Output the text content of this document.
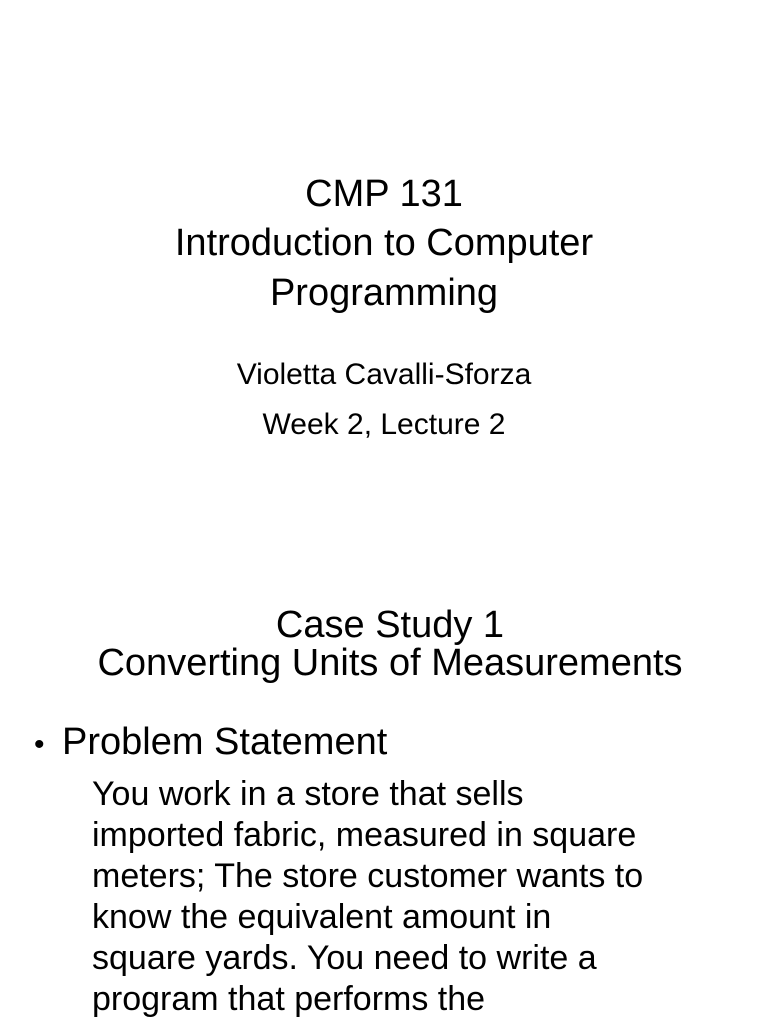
CMP 131
Introduction to Computer
Programming
Violetta Cavalli-Sforza
Week 2, Lecture 2
Case Study 1
Converting Units of Measurements
• Problem Statement
You work in a store that sells
imported fabric, measured in square
meters; The store customer wants to
know the equivalent amount in
square yards. You need to write a
program that performs the
